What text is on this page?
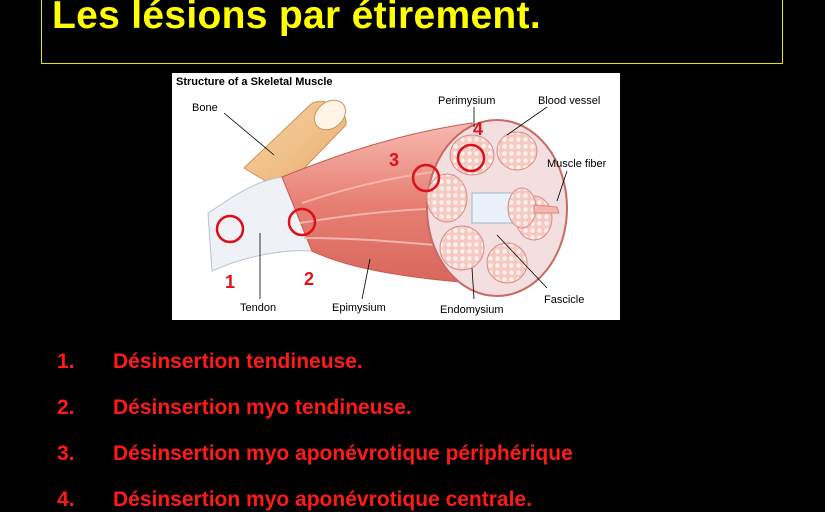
Les lésions par étirement.
Structure of a Skeletal Muscle
Bone
Perimysium	Blood vessel
Muscle fiber
Tendon	Epimysium	Endomysium
Fascicle
1	2
3
4
1. Désinsertion tendineuse.
2. Désinsertion myo tendineuse.
3. Désinsertion myo aponévrotique périphérique
4. Désinsertion myo aponévrotique centrale.
